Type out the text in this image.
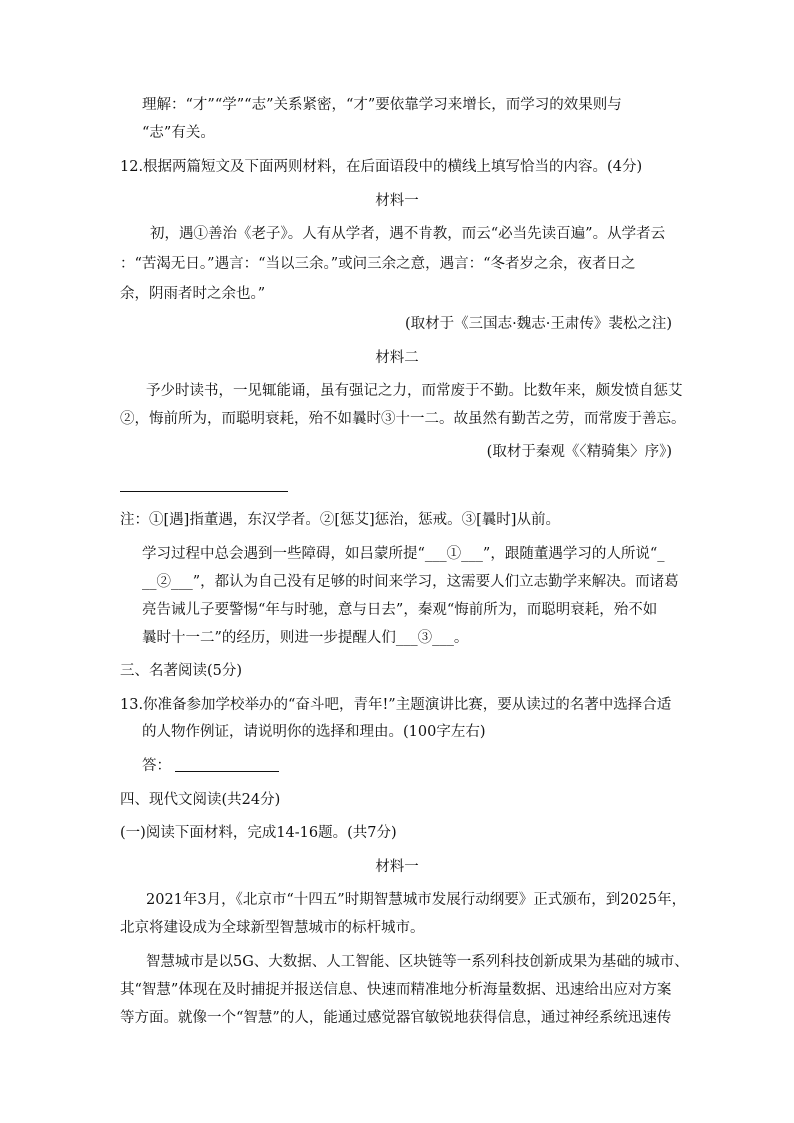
理解：“才”“学”“志”关系紧密，“才”要依靠学习来增长，而学习的效果则与
“志”有关。
12.根据两篇短文及下面两则材料，在后面语段中的横线上填写恰当的内容。(4分)
材料一
初，遇①善治《老子》。人有从学者，遇不肯教，而云“必当先读百遍”。从学者云
：“苦渴无日。”遇言：“当以三余。”或问三余之意，遇言：“冬者岁之余，夜者日之
余，阴雨者时之余也。”
(取材于《三国志·魏志·王肃传》裴松之注)
材料二
予少时读书，一见辄能诵，虽有强记之力，而常废于不勤。比数年来，颇发愤自惩艾
②，悔前所为，而聪明衰耗，殆不如曩时③十一二。故虽然有勤苦之劳，而常废于善忘。
(取材于秦观《〈精骑集〉序》)
注：①[遇]指董遇，东汉学者。②[惩艾]惩治，惩戒。③[曩时]从前。
学习过程中总会遇到一些障碍，如吕蒙所提“___①___”，跟随董遇学习的人所说“_
__②___”，都认为自己没有足够的时间来学习，这需要人们立志勤学来解决。而诸葛
亮告诫儿子要警惕“年与时驰，意与日去”，秦观“悔前所为，而聪明衰耗，殆不如
曩时十一二”的经历，则进一步提醒人们___③___。
三、名著阅读(5分)
13.你准备参加学校举办的“奋斗吧，青年!”主题演讲比赛，要从读过的名著中选择合适
的人物作例证，请说明你的选择和理由。(100字左右)
答：
四、现代文阅读(共24分)
(一)阅读下面材料，完成14-16题。(共7分)
材料一
2021年3月，《北京市“十四五”时期智慧城市发展行动纲要》正式颁布，到2025年，
北京将建设成为全球新型智慧城市的标杆城市。
智慧城市是以5G、大数据、人工智能、区块链等一系列科技创新成果为基础的城市、
其“智慧”体现在及时捕捉并报送信息、快速而精准地分析海量数据、迅速给出应对方案
等方面。就像一个“智慧”的人，能通过感觉器官敏锐地获得信息，通过神经系统迅速传
